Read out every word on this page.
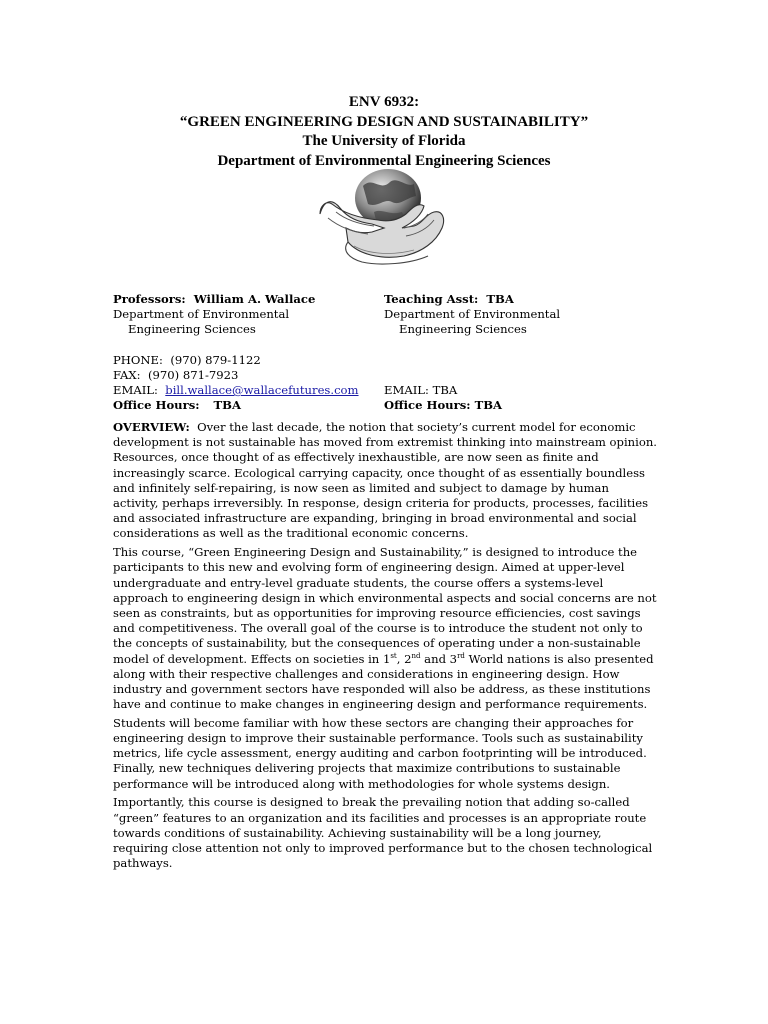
ENV 6932:
“GREEN ENGINEERING DESIGN AND SUSTAINABILITY”
The University of Florida
Department of Environmental Engineering Sciences
Professors: William A. Wallace
Department of Environmental
Engineering Sciences
PHONE: (970) 879-1122
FAX: (970) 871-7923
EMAIL: bill.wallace@wallacefutures.com
Office Hours: TBA
Teaching Asst: TBA
Department of Environmental
Engineering Sciences
EMAIL: TBA
Office Hours: TBA

OVERVIEW: Over the last decade, the notion that society’s current model for economic development is not sustainable has moved from extremist thinking into mainstream opinion. Resources, once thought of as effectively inexhaustible, are now seen as finite and increasingly scarce. Ecological carrying capacity, once thought of as essentially boundless and infinitely self-repairing, is now seen as limited and subject to damage by human activity, perhaps irreversibly. In response, design criteria for products, processes, facilities and associated infrastructure are expanding, bringing in broad environmental and social considerations as well as the traditional economic concerns.

This course, “Green Engineering Design and Sustainability,” is designed to introduce the participants to this new and evolving form of engineering design. Aimed at upper-level undergraduate and entry-level graduate students, the course offers a systems-level approach to engineering design in which environmental aspects and social concerns are not seen as constraints, but as opportunities for improving resource efficiencies, cost savings and competitiveness. The overall goal of the course is to introduce the student not only to the concepts of sustainability, but the consequences of operating under a non-sustainable model of development. Effects on societies in 1st, 2nd and 3rd World nations is also presented along with their respective challenges and considerations in engineering design. How industry and government sectors have responded will also be address, as these institutions have and continue to make changes in engineering design and performance requirements.

Students will become familiar with how these sectors are changing their approaches for engineering design to improve their sustainable performance. Tools such as sustainability metrics, life cycle assessment, energy auditing and carbon footprinting will be introduced. Finally, new techniques delivering projects that maximize contributions to sustainable performance will be introduced along with methodologies for whole systems design.

Importantly, this course is designed to break the prevailing notion that adding so-called “green” features to an organization and its facilities and processes is an appropriate route towards conditions of sustainability. Achieving sustainability will be a long journey, requiring close attention not only to improved performance but to the chosen technological pathways.
